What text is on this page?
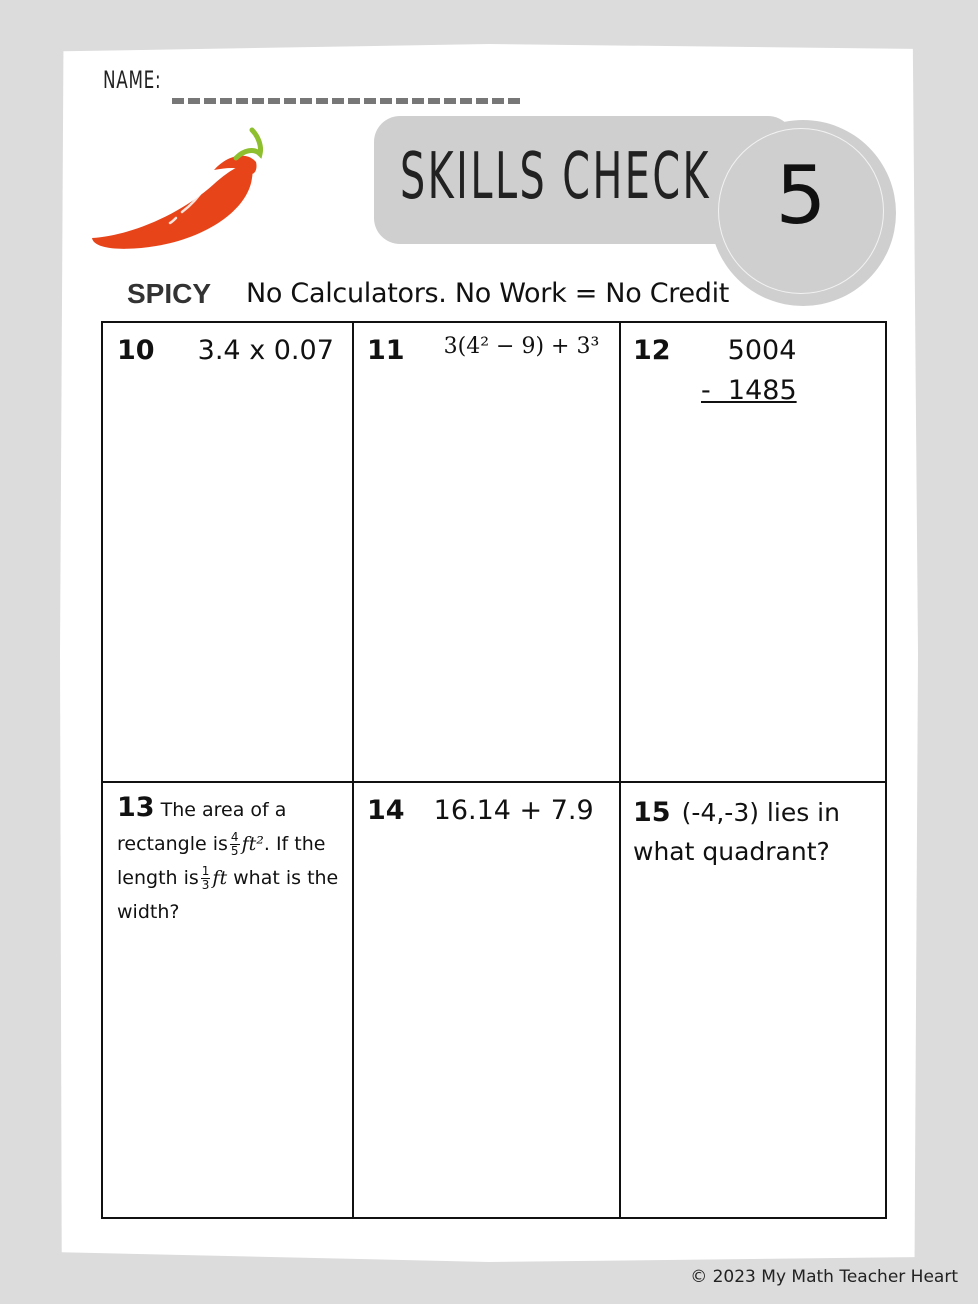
NAME:
SKILLS CHECK 5
SPICY No Calculators. No Work = No Credit
10 3.4 x 0.07 11 3(4² − 9) + 3³ 12 5004
-  1485
13 The area of a
rectangle is $\frac{4}{5} ft^2$. If the
length is $\frac{1}{3}$ ft what is the
width?
14 16.14 + 7.9 15 (-4,-3) lies in what quadrant?
© 2023 My Math Teacher Heart
